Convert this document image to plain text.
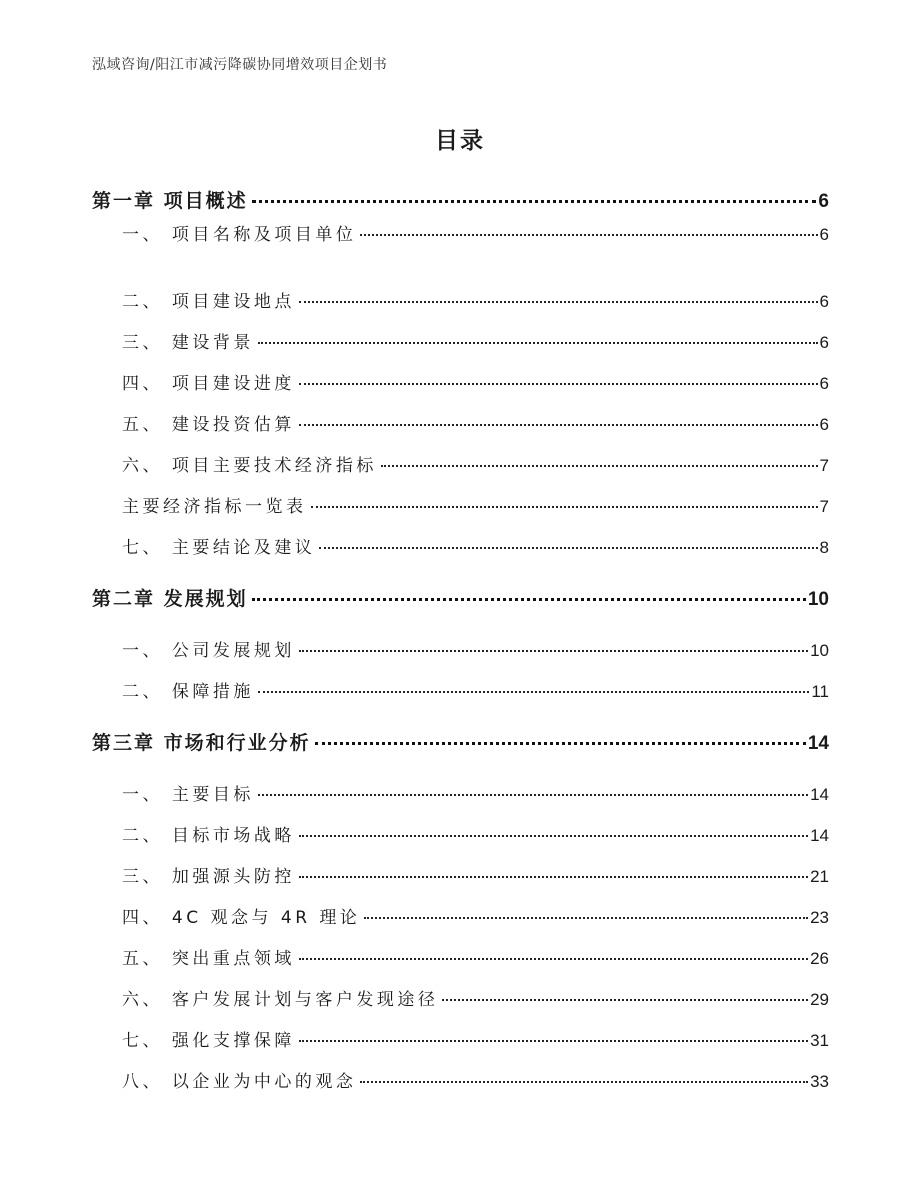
泓域咨询/阳江市减污降碳协同增效项目企划书
目录
第一章 项目概述	6
一、 项目名称及项目单位	6
二、 项目建设地点	6
三、 建设背景	6
四、 项目建设进度	6
五、 建设投资估算	6
六、 项目主要技术经济指标	7
主要经济指标一览表	7
七、 主要结论及建议	8
第二章 发展规划	10
一、 公司发展规划	10
二、 保障措施	11
第三章 市场和行业分析	14
一、 主要目标	14
二、 目标市场战略	14
三、 加强源头防控	21
四、 4C 观念与 4R 理论	23
五、 突出重点领域	26
六、 客户发展计划与客户发现途径	29
七、 强化支撑保障	31
八、 以企业为中心的观念	33
